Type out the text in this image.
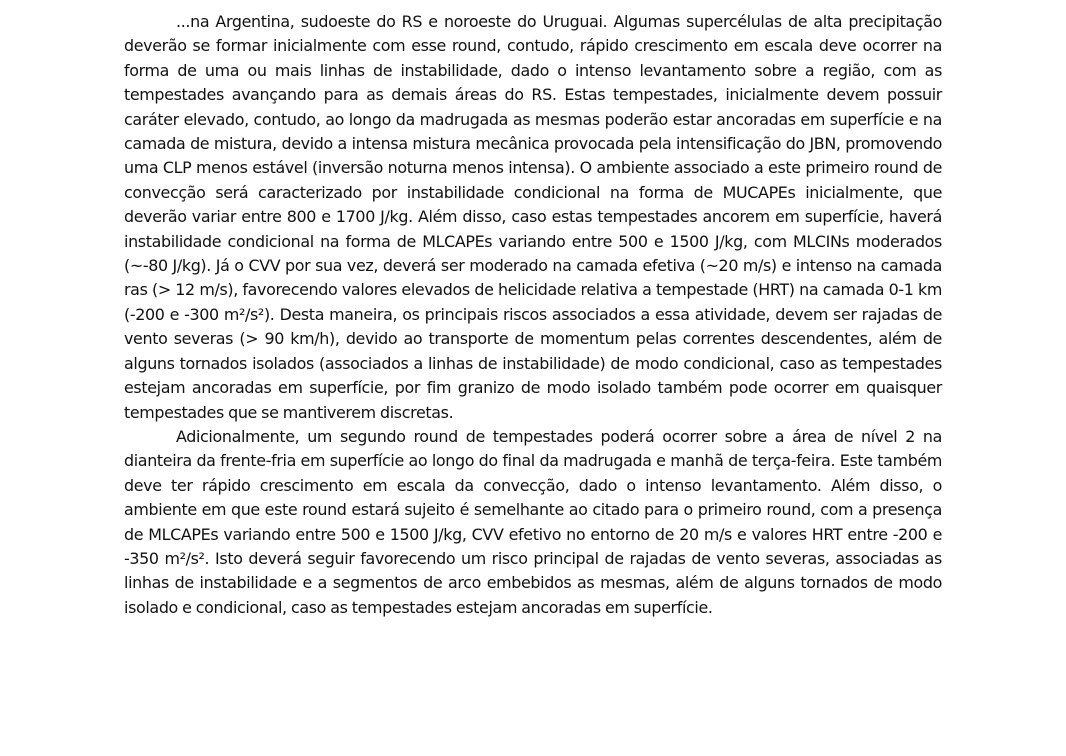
...na Argentina, sudoeste do RS e noroeste do Uruguai. Algumas supercélulas de alta precipitação deverão se formar inicialmente com esse round, contudo, rápido crescimento em escala deve ocorrer na forma de uma ou mais linhas de instabilidade, dado o intenso levantamento sobre a região, com as tempestades avançando para as demais áreas do RS. Estas tempestades, inicialmente devem possuir caráter elevado, contudo, ao longo da madrugada as mesmas poderão estar ancoradas em superfície e na camada de mistura, devido a intensa mistura mecânica provocada pela intensificação do JBN, promovendo uma CLP menos estável (inversão noturna menos intensa). O ambiente associado a este primeiro round de convecção será caracterizado por instabilidade condicional na forma de MUCAPEs inicialmente, que deverão variar entre 800 e 1700 J/kg. Além disso, caso estas tempestades ancorem em superfície, haverá instabilidade condicional na forma de MLCAPEs variando entre 500 e 1500 J/kg, com MLCINs moderados (~-80 J/kg). Já o CVV por sua vez, deverá ser moderado na camada efetiva (~20 m/s) e intenso na camada ras (> 12 m/s), favorecendo valores elevados de helicidade relativa a tempestade (HRT) na camada 0-1 km (-200 e -300 m²/s²). Desta maneira, os principais riscos associados a essa atividade, devem ser rajadas de vento severas (> 90 km/h), devido ao transporte de momentum pelas correntes descendentes, além de alguns tornados isolados (associados a linhas de instabilidade) de modo condicional, caso as tempestades estejam ancoradas em superfície, por fim granizo de modo isolado também pode ocorrer em quaisquer tempestades que se mantiverem discretas.

Adicionalmente, um segundo round de tempestades poderá ocorrer sobre a área de nível 2 na dianteira da frente-fria em superfície ao longo do final da madrugada e manhã de terça-feira. Este também deve ter rápido crescimento em escala da convecção, dado o intenso levantamento. Além disso, o ambiente em que este round estará sujeito é semelhante ao citado para o primeiro round, com a presença de MLCAPEs variando entre 500 e 1500 J/kg, CVV efetivo no entorno de 20 m/s e valores HRT entre -200 e -350 m²/s². Isto deverá seguir favorecendo um risco principal de rajadas de vento severas, associadas as linhas de instabilidade e a segmentos de arco embebidos as mesmas, além de alguns tornados de modo isolado e condicional, caso as tempestades estejam ancoradas em superfície.
